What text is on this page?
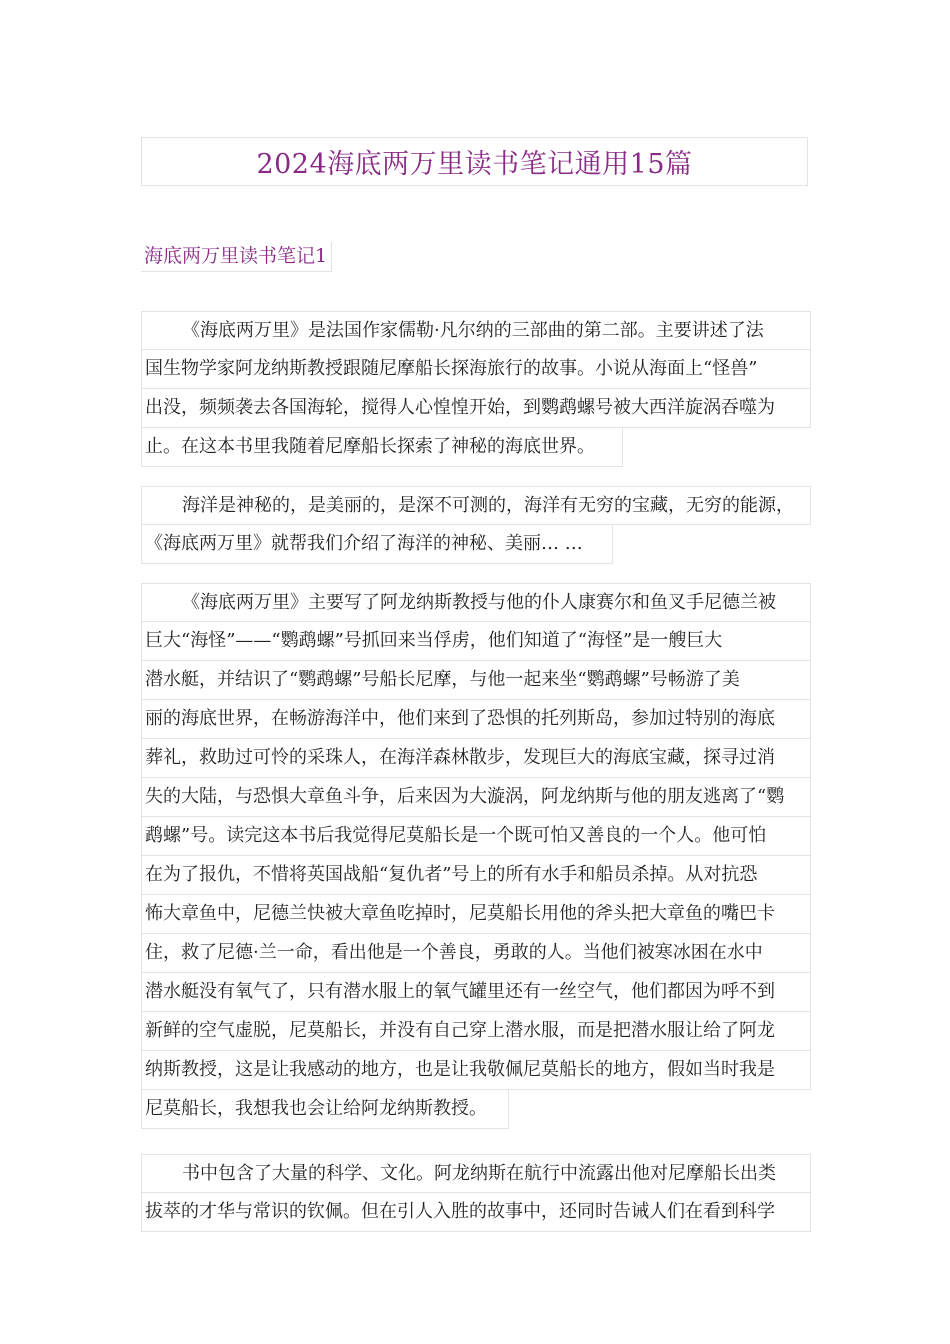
2024海底两万里读书笔记通用15篇
海底两万里读书笔记1
《海底两万里》是法国作家儒勒·凡尔纳的三部曲的第二部。主要讲述了法
国生物学家阿龙纳斯教授跟随尼摩船长探海旅行的故事。小说从海面上“怪兽”
出没，频频袭去各国海轮，搅得人心惶惶开始，到鹦鹉螺号被大西洋旋涡吞噬为
止。在这本书里我随着尼摩船长探索了神秘的海底世界。
海洋是神秘的，是美丽的，是深不可测的，海洋有无穷的宝藏，无穷的能源，
《海底两万里》就帮我们介绍了海洋的神秘、美丽… …
《海底两万里》主要写了阿龙纳斯教授与他的仆人康赛尔和鱼叉手尼德兰被
巨大“海怪”——“鹦鹉螺”号抓回来当俘虏，他们知道了“海怪”是一艘巨大
潜水艇，并结识了“鹦鹉螺”号船长尼摩，与他一起来坐“鹦鹉螺”号畅游了美
丽的海底世界，在畅游海洋中，他们来到了恐惧的托列斯岛，参加过特别的海底
葬礼，救助过可怜的采珠人，在海洋森林散步，发现巨大的海底宝藏，探寻过消
失的大陆，与恐惧大章鱼斗争，后来因为大漩涡，阿龙纳斯与他的朋友逃离了“鹦
鹉螺”号。读完这本书后我觉得尼莫船长是一个既可怕又善良的一个人。他可怕
在为了报仇，不惜将英国战船“复仇者”号上的所有水手和船员杀掉。从对抗恐
怖大章鱼中，尼德兰快被大章鱼吃掉时，尼莫船长用他的斧头把大章鱼的嘴巴卡
住，救了尼德·兰一命，看出他是一个善良，勇敢的人。当他们被寒冰困在水中
潜水艇没有氧气了，只有潜水服上的氧气罐里还有一丝空气，他们都因为呼不到
新鲜的空气虚脱，尼莫船长，并没有自己穿上潜水服，而是把潜水服让给了阿龙
纳斯教授，这是让我感动的地方，也是让我敬佩尼莫船长的地方，假如当时我是
尼莫船长，我想我也会让给阿龙纳斯教授。
书中包含了大量的科学、文化。阿龙纳斯在航行中流露出他对尼摩船长出类
拔萃的才华与常识的钦佩。但在引人入胜的故事中，还同时告诫人们在看到科学
